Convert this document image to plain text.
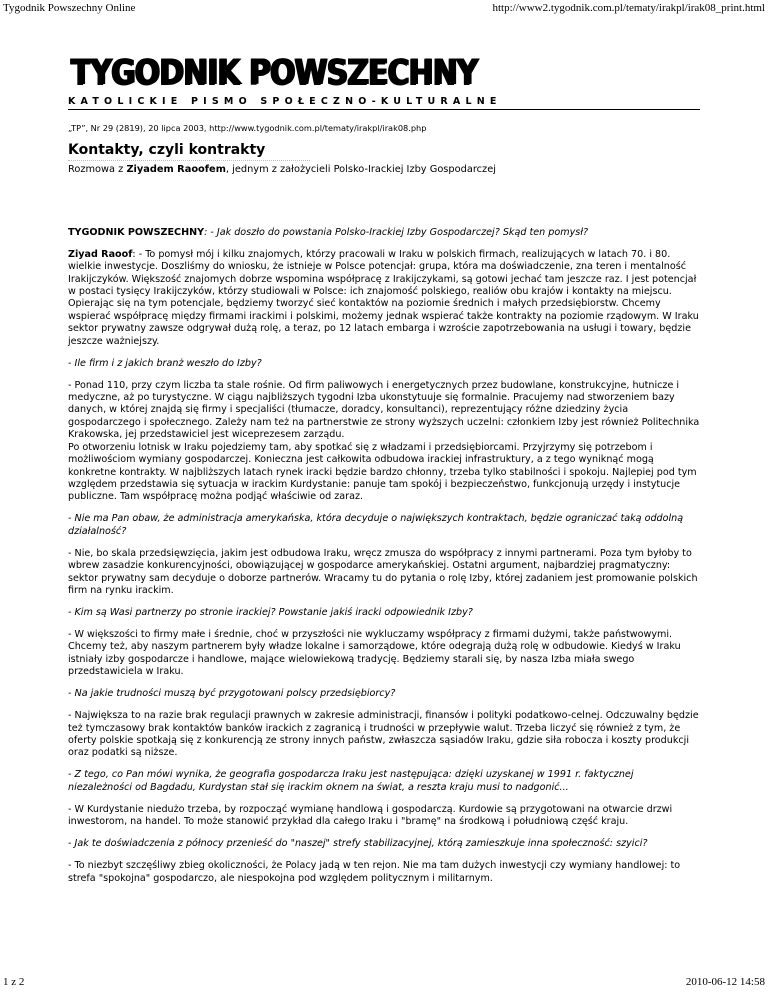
Tygodnik Powszechny Online	http://www2.tygodnik.com.pl/tematy/irakpl/irak08_print.html
TYGODNIK POWSZECHNY
KATOLICKIE PISMO SPOŁECZNO-KULTURALNE
„TP”, Nr 29 (2819), 20 lipca 2003, http://www.tygodnik.com.pl/tematy/irakpl/irak08.php
Kontakty, czyli kontrakty
Rozmowa z Ziyadem Raoofem, jednym z założycieli Polsko-Irackiej Izby Gospodarczej

TYGODNIK POWSZECHNY: - Jak doszło do powstania Polsko-Irackiej Izby Gospodarczej? Skąd ten pomysł?

Ziyad Raoof: - To pomysł mój i kilku znajomych, którzy pracowali w Iraku w polskich firmach, realizujących w latach 70. i 80. wielkie inwestycje. Doszliśmy do wniosku, że istnieje w Polsce potencjał: grupa, która ma doświadczenie, zna teren i mentalność Irakijczyków. Większość znajomych dobrze wspomina współpracę z Irakijczykami, są gotowi jechać tam jeszcze raz. I jest potencjał w postaci tysięcy Irakijczyków, którzy studiowali w Polsce: ich znajomość polskiego, realiów obu krajów i kontakty na miejscu. Opierając się na tym potencjale, będziemy tworzyć sieć kontaktów na poziomie średnich i małych przedsiębiorstw. Chcemy wspierać współpracę między firmami irackimi i polskimi, możemy jednak wspierać także kontrakty na poziomie rządowym. W Iraku sektor prywatny zawsze odgrywał dużą rolę, a teraz, po 12 latach embarga i wzroście zapotrzebowania na usługi i towary, będzie jeszcze ważniejszy.

- Ile firm i z jakich branż weszło do Izby?

- Ponad 110, przy czym liczba ta stale rośnie. Od firm paliwowych i energetycznych przez budowlane, konstrukcyjne, hutnicze i medyczne, aż po turystyczne. W ciągu najbliższych tygodni Izba ukonstytuuje się formalnie. Pracujemy nad stworzeniem bazy danych, w której znajdą się firmy i specjaliści (tłumacze, doradcy, konsultanci), reprezentujący różne dziedziny życia gospodarczego i społecznego. Zależy nam też na partnerstwie ze strony wyższych uczelni: członkiem Izby jest również Politechnika Krakowska, jej przedstawiciel jest wiceprezesem zarządu.
Po otworzeniu lotnisk w Iraku pojedziemy tam, aby spotkać się z władzami i przedsiębiorcami. Przyjrzymy się potrzebom i możliwościom wymiany gospodarczej. Konieczna jest całkowita odbudowa irackiej infrastruktury, a z tego wyniknąć mogą konkretne kontrakty. W najbliższych latach rynek iracki będzie bardzo chłonny, trzeba tylko stabilności i spokoju. Najlepiej pod tym względem przedstawia się sytuacja w irackim Kurdystanie: panuje tam spokój i bezpieczeństwo, funkcjonują urzędy i instytucje publiczne. Tam współpracę można podjąć właściwie od zaraz.

- Nie ma Pan obaw, że administracja amerykańska, która decyduje o największych kontraktach, będzie ograniczać taką oddolną działalność?

- Nie, bo skala przedsięwzięcia, jakim jest odbudowa Iraku, wręcz zmusza do współpracy z innymi partnerami. Poza tym byłoby to wbrew zasadzie konkurencyjności, obowiązującej w gospodarce amerykańskiej. Ostatni argument, najbardziej pragmatyczny: sektor prywatny sam decyduje o doborze partnerów. Wracamy tu do pytania o rolę Izby, której zadaniem jest promowanie polskich firm na rynku irackim.

- Kim są Wasi partnerzy po stronie irackiej? Powstanie jakiś iracki odpowiednik Izby?

- W większości to firmy małe i średnie, choć w przyszłości nie wykluczamy współpracy z firmami dużymi, także państwowymi. Chcemy też, aby naszym partnerem były władze lokalne i samorządowe, które odegrają dużą rolę w odbudowie. Kiedyś w Iraku istniały izby gospodarcze i handlowe, mające wielowiekową tradycję. Będziemy starali się, by nasza Izba miała swego przedstawiciela w Iraku.

- Na jakie trudności muszą być przygotowani polscy przedsiębiorcy?

- Największa to na razie brak regulacji prawnych w zakresie administracji, finansów i polityki podatkowo-celnej. Odczuwalny będzie też tymczasowy brak kontaktów banków irackich z zagranicą i trudności w przepływie walut. Trzeba liczyć się również z tym, że oferty polskie spotkają się z konkurencją ze strony innych państw, zwłaszcza sąsiadów Iraku, gdzie siła robocza i koszty produkcji oraz podatki są niższe.

- Z tego, co Pan mówi wynika, że geografia gospodarcza Iraku jest następująca: dzięki uzyskanej w 1991 r. faktycznej niezależności od Bagdadu, Kurdystan stał się irackim oknem na świat, a reszta kraju musi to nadgonić...

- W Kurdystanie niedużo trzeba, by rozpocząć wymianę handlową i gospodarczą. Kurdowie są przygotowani na otwarcie drzwi inwestorom, na handel. To może stanowić przykład dla całego Iraku i "bramę" na środkową i południową część kraju.

- Jak te doświadczenia z północy przenieść do "naszej" strefy stabilizacyjnej, którą zamieszkuje inna społeczność: szyici?

- To niezbyt szczęśliwy zbieg okoliczności, że Polacy jadą w ten rejon. Nie ma tam dużych inwestycji czy wymiany handlowej: to strefa "spokojna" gospodarczo, ale niespokojna pod względem politycznym i militarnym.

1 z 2	2010-06-12 14:58
